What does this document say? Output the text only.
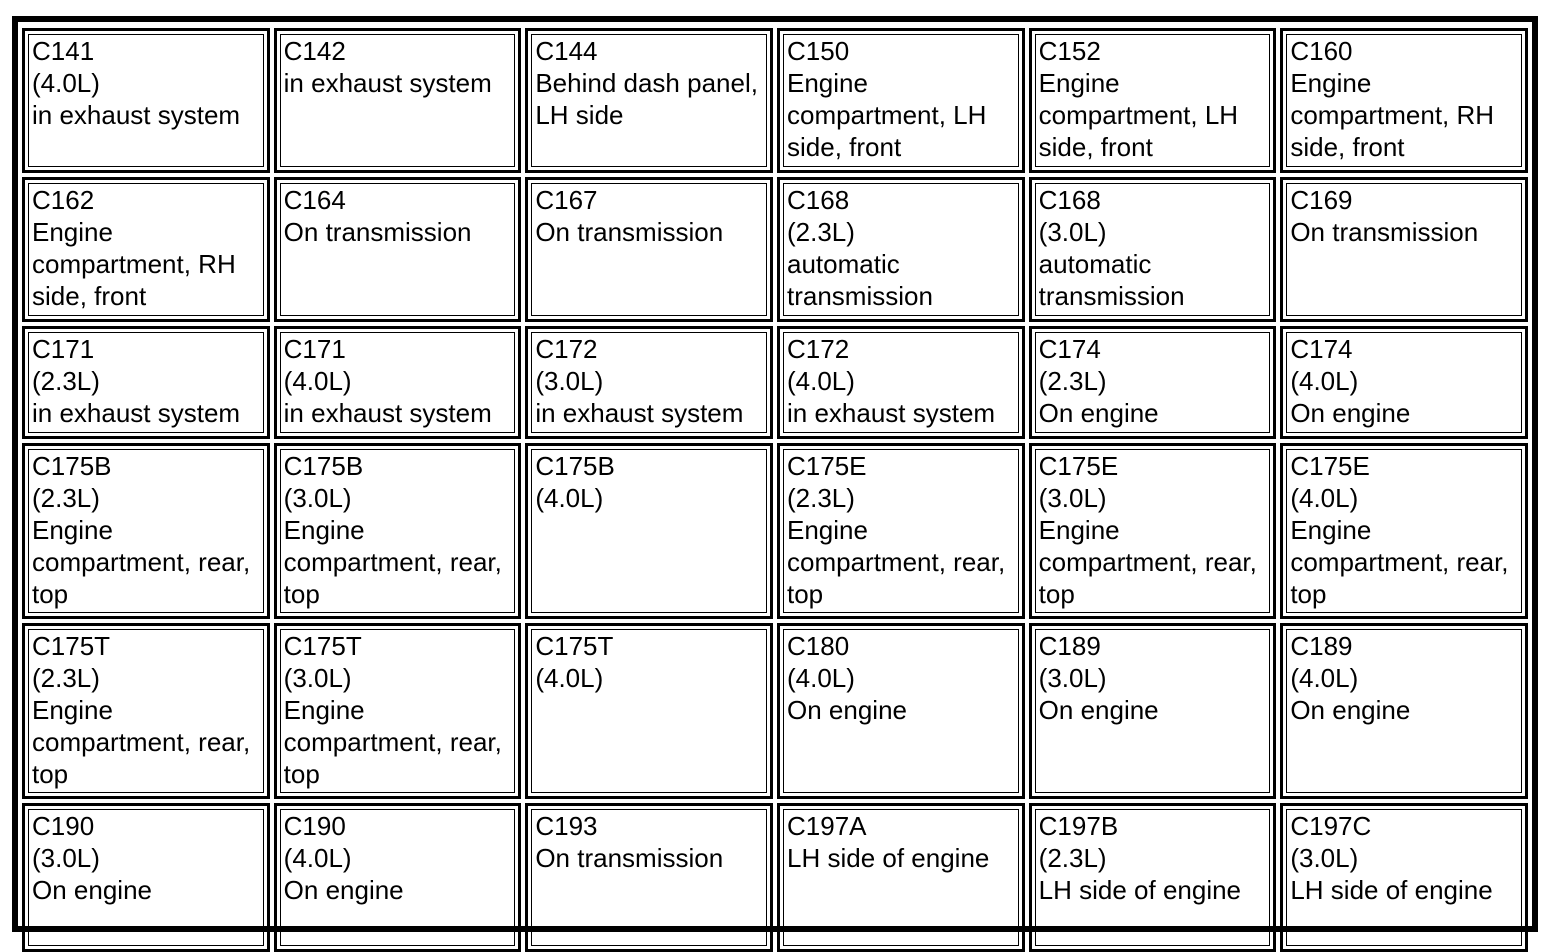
C141
(4.0L)
in exhaust system
C142
in exhaust system
C144
Behind dash panel, LH side
C150
Engine compartment, LH side, front
C152
Engine compartment, LH side, front
C160
Engine compartment, RH side, front
C162
Engine compartment, RH side, front
C164
On transmission
C167
On transmission
C168
(2.3L)
automatic transmission
C168
(3.0L)
automatic transmission
C169
On transmission
C171
(2.3L)
in exhaust system
C171
(4.0L)
in exhaust system
C172
(3.0L)
in exhaust system
C172
(4.0L)
in exhaust system
C174
(2.3L)
On engine
C174
(4.0L)
On engine
C175B
(2.3L)
Engine compartment, rear, top
C175B
(3.0L)
Engine compartment, rear, top
C175B
(4.0L)
C175E
(2.3L)
Engine compartment, rear, top
C175E
(3.0L)
Engine compartment, rear, top
C175E
(4.0L)
Engine compartment, rear, top
C175T
(2.3L)
Engine compartment, rear, top
C175T
(3.0L)
Engine compartment, rear, top
C175T
(4.0L)
C180
(4.0L)
On engine
C189
(3.0L)
On engine
C189
(4.0L)
On engine
C190
(3.0L)
On engine
C190
(4.0L)
On engine
C193
On transmission
C197A
LH side of engine
C197B
(2.3L)
LH side of engine
C197C
(3.0L)
LH side of engine
